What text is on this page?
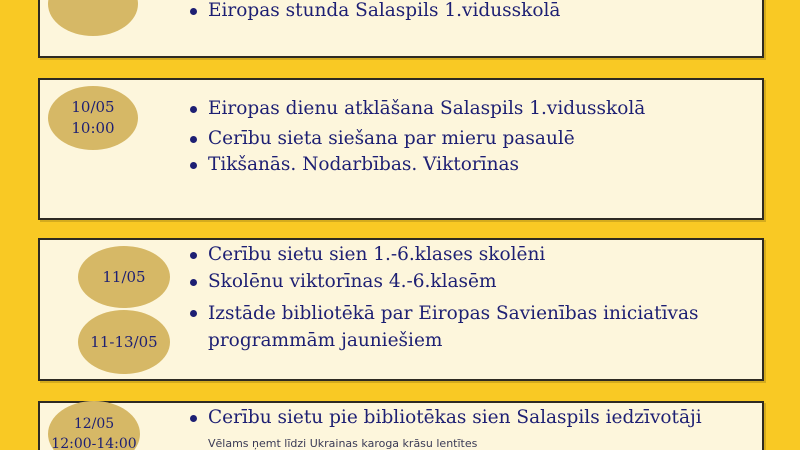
Eiropas stunda Salaspils 1.vidusskolā
10/05
10:00
Eiropas dienu atklāšana Salaspils 1.vidusskolā
Cerību sieta siešana par mieru pasaulē
Tikšanās. Nodarbības. Viktorīnas
11/05
11-13/05
Cerību sietu sien 1.-6.klases skolēni
Skolēnu viktorīnas 4.-6.klasēm
Izstāde bibliotēkā par Eiropas Savienības iniciatīvas programmām jauniešiem
12/05
12:00-14:00
Cerību sietu pie bibliotēkas sien Salaspils iedzīvotāji
Vēlams ņemt līdzi Ukrainas karoga krāsu lentītes
